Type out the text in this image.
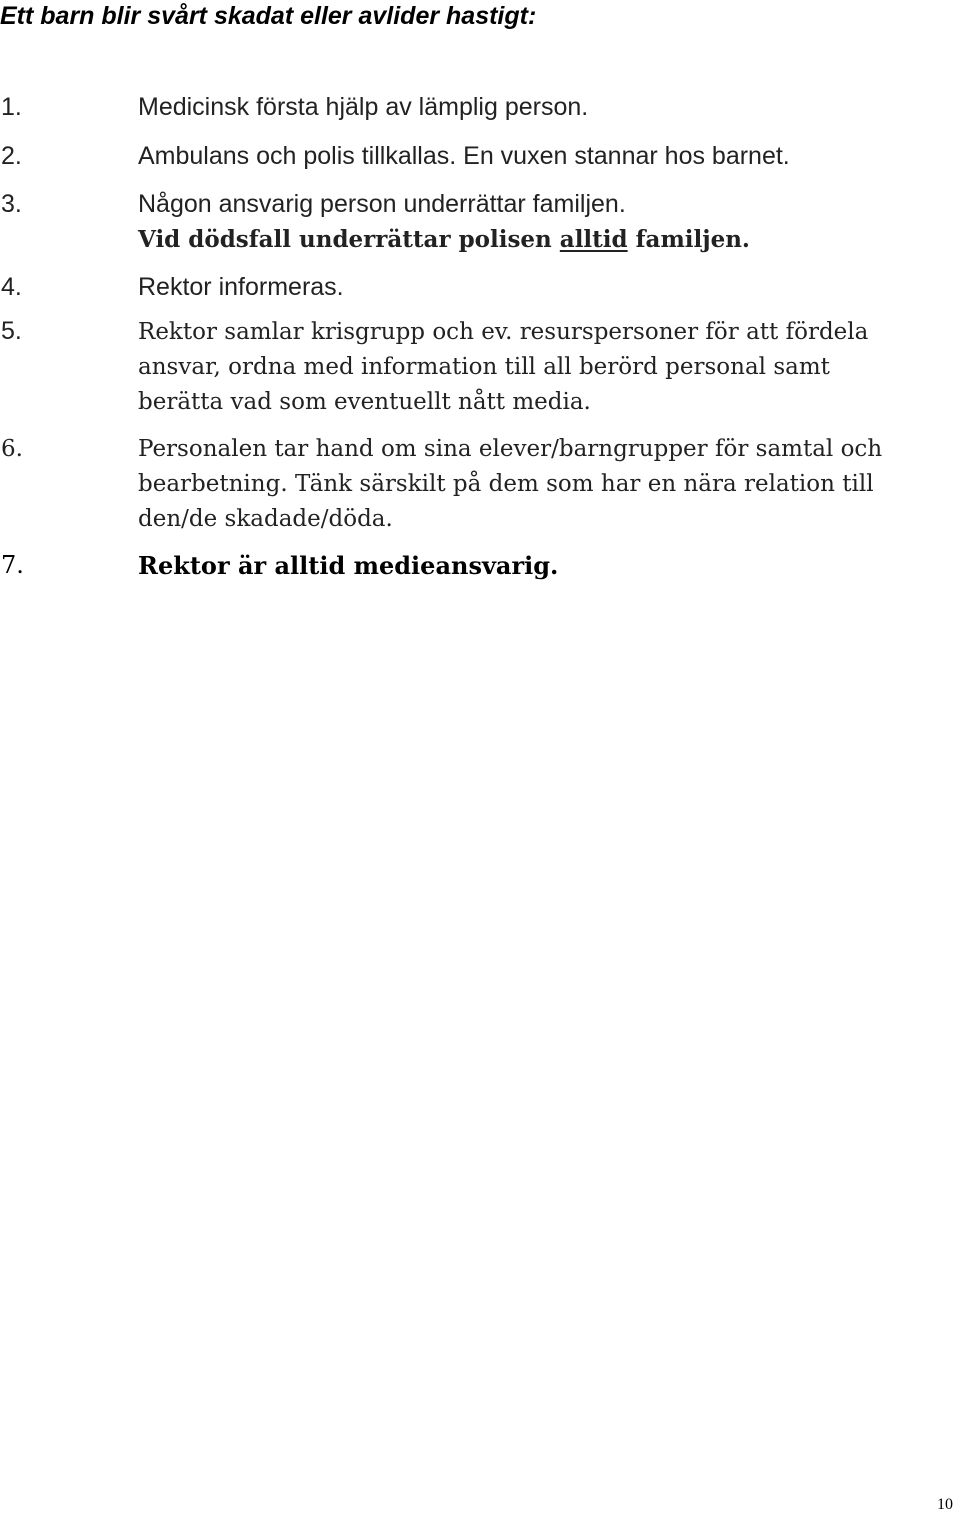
Ett barn blir svårt skadat eller avlider hastigt:
1.	Medicinsk första hjälp av lämplig person.
2.	Ambulans och polis tillkallas. En vuxen stannar hos barnet.
3.	Någon ansvarig person underrättar familjen.
Vid dödsfall underrättar polisen alltid familjen.
4.	Rektor informeras.
5.	Rektor samlar krisgrupp och ev. resurspersoner för att fördela
ansvar, ordna med information till all berörd personal samt
berätta vad som eventuellt nått media.
6.	Personalen tar hand om sina elever/barngrupper för samtal och
bearbetning. Tänk särskilt på dem som har en nära relation till
den/de skadade/döda.
7.	Rektor är alltid medieansvarig.
10
